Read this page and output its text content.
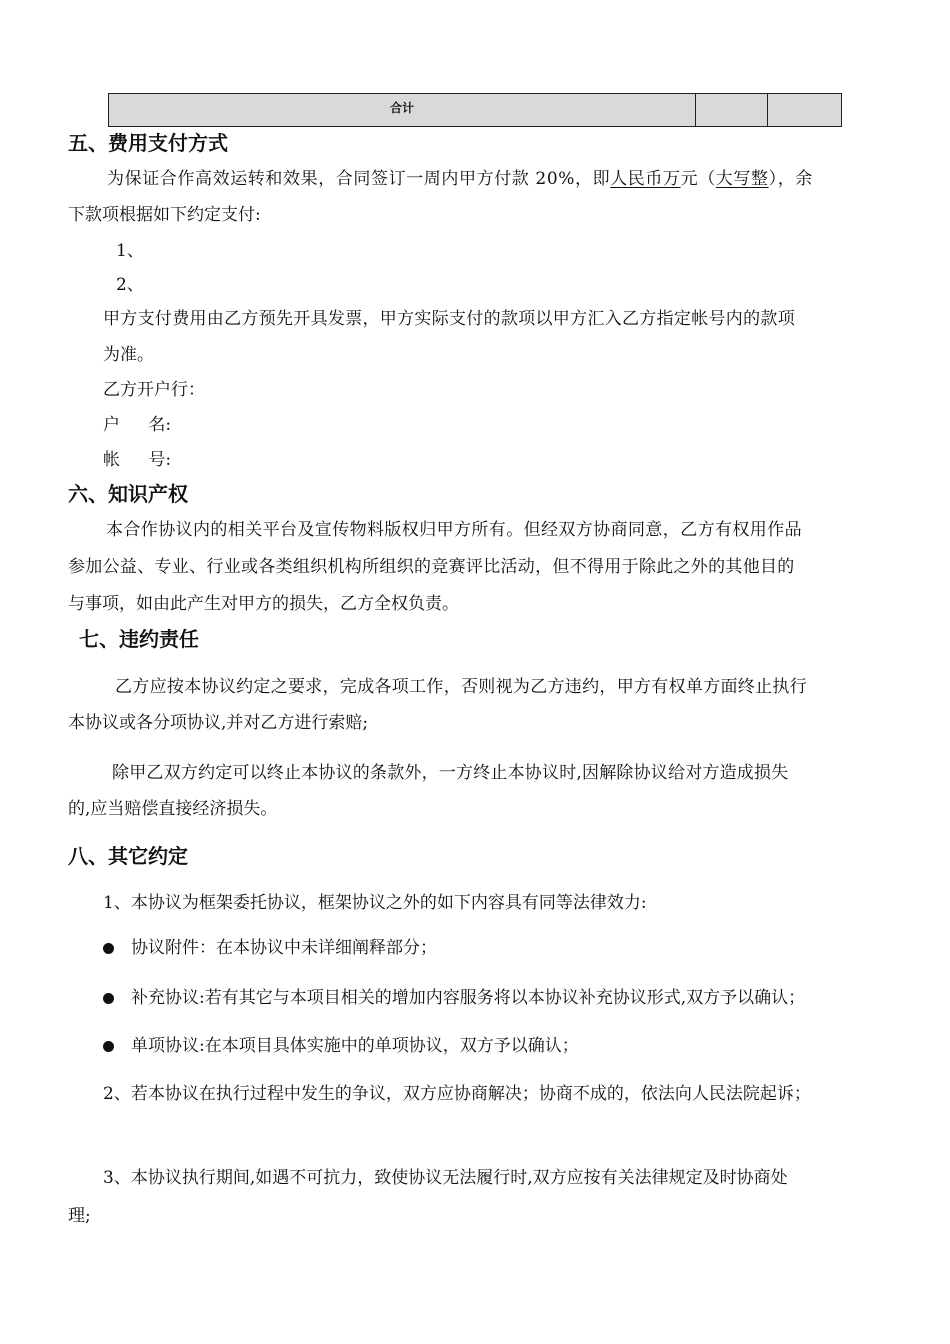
合计
五、费用支付方式
为保证合作高效运转和效果，合同签订一周内甲方付款 20%，即人民币万元（大写整），余
下款项根据如下约定支付:
1、
2、
甲方支付费用由乙方预先开具发票，甲方实际支付的款项以甲方汇入乙方指定帐号内的款项
为准。
乙方开户行：
户　 名:
帐　 号:
六、知识产权
本合作协议内的相关平台及宣传物料版权归甲方所有。但经双方协商同意，乙方有权用作品
参加公益、专业、行业或各类组织机构所组织的竞赛评比活动，但不得用于除此之外的其他目的
与事项，如由此产生对甲方的损失，乙方全权负责。
七、违约责任
乙方应按本协议约定之要求，完成各项工作，否则视为乙方违约，甲方有权单方面终止执行
本协议或各分项协议,并对乙方进行索赔;
除甲乙双方约定可以终止本协议的条款外，一方终止本协议时,因解除协议给对方造成损失
的,应当赔偿直接经济损失。
八、其它约定
1、本协议为框架委托协议，框架协议之外的如下内容具有同等法律效力:
协议附件：在本协议中未详细阐释部分；
补充协议:若有其它与本项目相关的增加内容服务将以本协议补充协议形式,双方予以确认；
单项协议:在本项目具体实施中的单项协议，双方予以确认；
2、若本协议在执行过程中发生的争议，双方应协商解决；协商不成的，依法向人民法院起诉；
3、本协议执行期间,如遇不可抗力，致使协议无法履行时,双方应按有关法律规定及时协商处
理;
